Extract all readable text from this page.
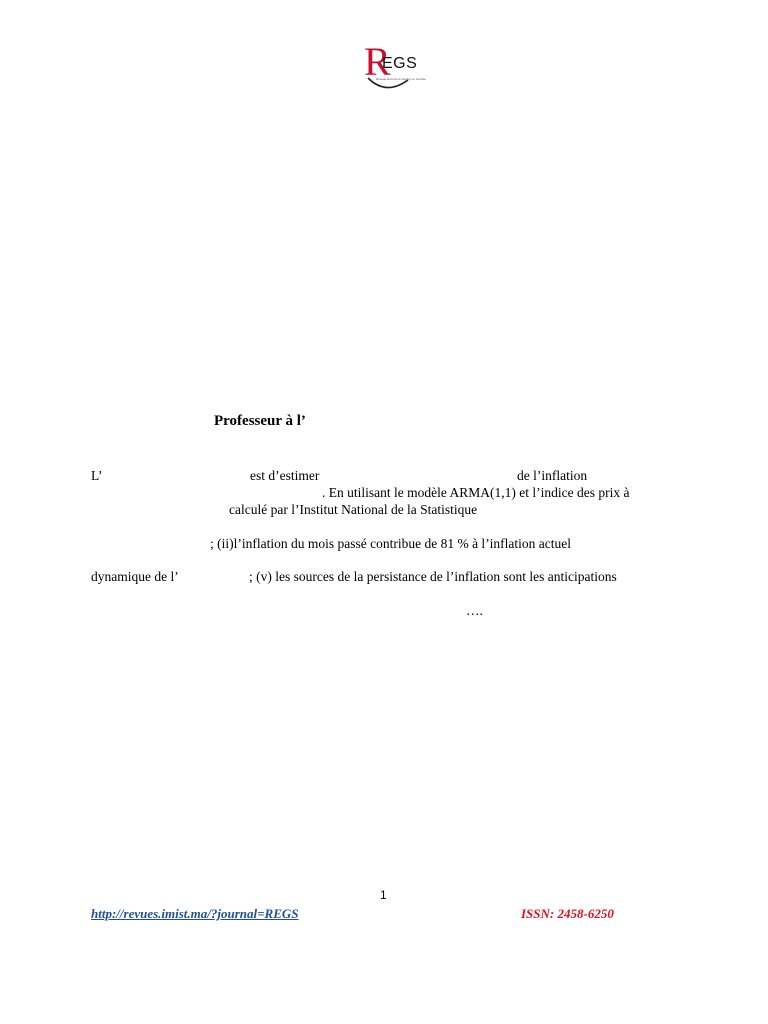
R
EGS
Réseau Économie Gestion et Société
Professeur à l’
L’	est d’estimer	de l’inflation
. En utilisant le modèle ARMA(1,1) et l’indice des prix à
calculé par l’Institut National de la Statistique
; (ii)l’inflation du mois passé contribue de 81 % à l’inflation actuel
dynamique de l’	; (v) les sources de la persistance de l’inflation sont les anticipations
….
1
http://revues.imist.ma/?journal=REGS	ISSN: 2458-6250
